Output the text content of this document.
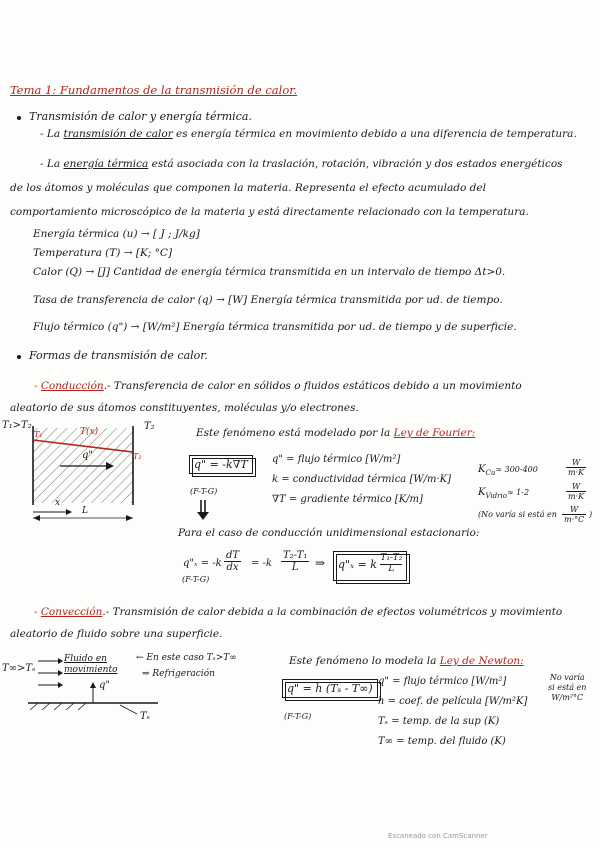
Tema 1: Fundamentos de la transmisión de calor.
Transmisión de calor y energía térmica.
- La transmisión de calor es energía térmica en movimiento debido a una diferencia de temperatura.
- La energía térmica está asociada con la traslación, rotación, vibración y dos estados energéticos
de los átomos y moléculas que componen la materia. Representa el efecto acumulado del
comportamiento microscópico de la materia y está directamente relacionado con la temperatura.
Energía térmica (u) → [ J ; J/kg]
Temperatura (T) → [K; °C]
Calor (Q) → [J] Cantidad de energía térmica transmitida en un intervalo de tiempo Δt>0.
Tasa de transferencia de calor (q) → [W] Energía térmica transmitida por ud. de tiempo.
Flujo térmico (q") → [W/m²] Energía térmica transmitida por ud. de tiempo y de superficie.
Formas de transmisión de calor.
- Conducción.- Transferencia de calor en sólidos o fluidos estáticos debido a un movimiento
aleatorio de sus átomos constituyentes, moléculas y/o electrones.
T₁>T₂
T₁
T₂
T₂
T(x)
q"
x
L
Este fenómeno está modelado por la Ley de Fourier:
q" = -k∇T
(F-T-G)
q" = flujo térmico [W/m²]
k = conductividad térmica [W/m·K]
∇T = gradiente térmico [K/m]
$K_{Cu}\approx 300-400$	$\frac{W}{m\cdot K}$
$K_{Vidrio}\approx 1-2$	$\frac{W}{m\cdot K}$
(No varía si está en $\frac{W}{m\cdot^\circ C}$ )
Para el caso de conducción unidimensional estacionario:
q"ₓ = $-k \frac{dT}{dx} = -k \frac{\text{T₂-T₁}}{L}$ ⇒	q"ₓ = k $\frac{\text{T₁-T₂}}{L}$
(F-T-G)
- Convección.- Transmisión de calor debida a la combinación de efectos volumétricos y movimiento
aleatorio de fluido sobre una superficie.
T∞>Tₛ
Fluido en movimiento
← En este caso Tₛ>T∞
⇒ Refrigeración
q"
Tₛ
Este fenómeno lo modela la Ley de Newton:
q" = h (Tₛ - T∞)
(F-T-G)
q" = flujo térmico [W/m²]
h = coef. de película [W/m²K]
Tₛ = temp. de la sup (K)
T∞ = temp. del fluido (K)
No varía
si está en
W/m²°C
Escaneado con CamScanner
